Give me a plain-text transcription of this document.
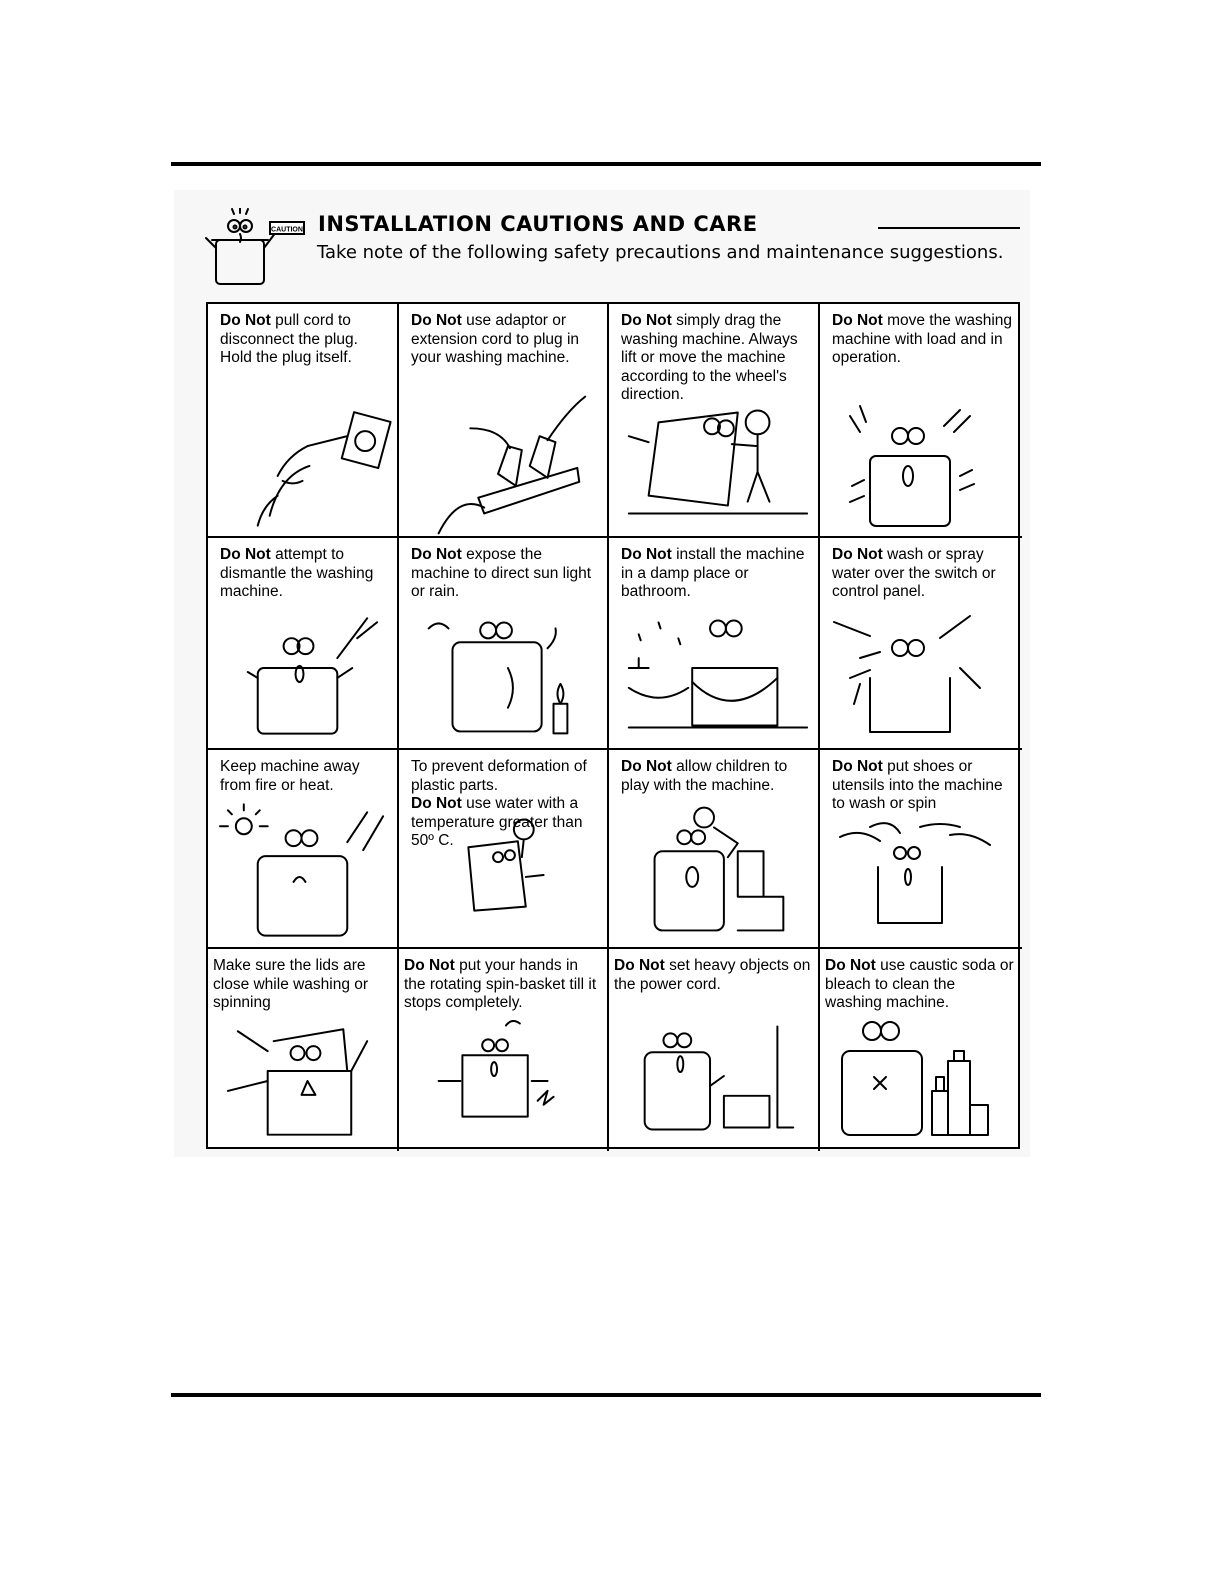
CAUTION INSTALLATION CAUTIONS AND CARE
Take note of the following safety precautions and maintenance suggestions.
Do Not pull cord to disconnect the plug. Hold the plug itself.
Do Not use adaptor or extension cord to plug in your washing machine.
Do Not simply drag the washing machine. Always lift or move the machine according to the wheel's direction.
Do Not move the washing machine with load and in operation.
Do Not attempt to dismantle the washing machine.
Do Not expose the machine to direct sun light or rain.
Do Not install the machine in a damp place or bathroom.
Do Not wash or spray water over the switch or control panel.
Keep machine away from fire or heat.
To prevent deformation of plastic parts.
Do Not use water with a temperature greater than 50º C.
Do Not allow children to play with the machine.
Do Not put shoes or utensils into the machine to wash or spin
Make sure the lids are close while washing or spinning
Do Not put your hands in the rotating spin-basket till it stops completely.
Do Not set heavy objects on the power cord.
Do Not use caustic soda or bleach to clean the washing machine.
